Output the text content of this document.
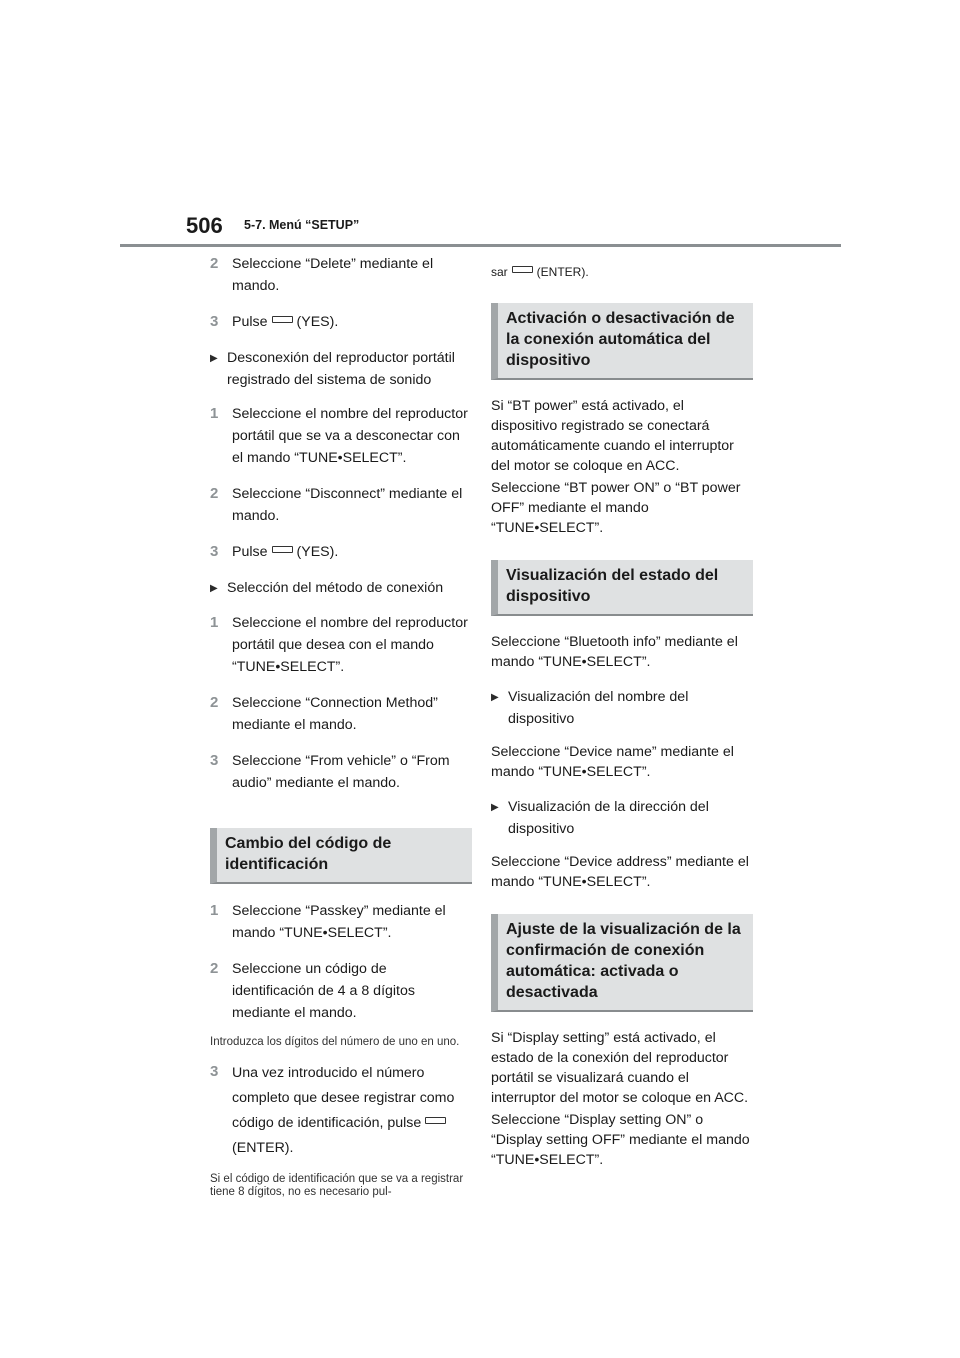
506 5-7. Menú “SETUP”
2 Seleccione “Delete” mediante el mando.
3 Pulse (YES).
▶ Desconexión del reproductor portátil registrado del sistema de sonido
1 Seleccione el nombre del reproductor portátil que se va a desconectar con el mando “TUNE•SELECT”.
2 Seleccione “Disconnect” mediante el mando.
3 Pulse (YES).
▶ Selección del método de conexión
1 Seleccione el nombre del reproductor portátil que desea con el mando “TUNE•SELECT”.
2 Seleccione “Connection Method” mediante el mando.
3 Seleccione “From vehicle” o “From audio” mediante el mando.
Cambio del código de identificación
1 Seleccione “Passkey” mediante el mando “TUNE•SELECT”.
2 Seleccione un código de identificación de 4 a 8 dígitos mediante el mando.
Introduzca los dígitos del número de uno en uno.
3 Una vez introducido el número completo que desee registrar como código de identificación, pulse(ENTER).
Si el código de identificación que se va a registrar tiene 8 dígitos, no es necesario pul-
sar (ENTER).
Activación o desactivación de la conexión automática del dispositivo
Si “BT power” está activado, el dispositivo registrado se conectará automáticamente cuando el interruptor del motor se coloque en ACC.
Seleccione “BT power ON” o “BT power OFF” mediante el mando “TUNE•SELECT”.
Visualización del estado del dispositivo
Seleccione “Bluetooth info” mediante el mando “TUNE•SELECT”.
▶ Visualización del nombre del dispositivo
Seleccione “Device name” mediante el mando “TUNE•SELECT”.
▶ Visualización de la dirección del dispositivo
Seleccione “Device address” mediante el mando “TUNE•SELECT”.
Ajuste de la visualización de la confirmación de conexión automática: activada o desactivada
Si “Display setting” está activado, el estado de la conexión del reproductor portátil se visualizará cuando el interruptor del motor se coloque en ACC.
Seleccione “Display setting ON” o “Display setting OFF” mediante el mando “TUNE•SELECT”.
